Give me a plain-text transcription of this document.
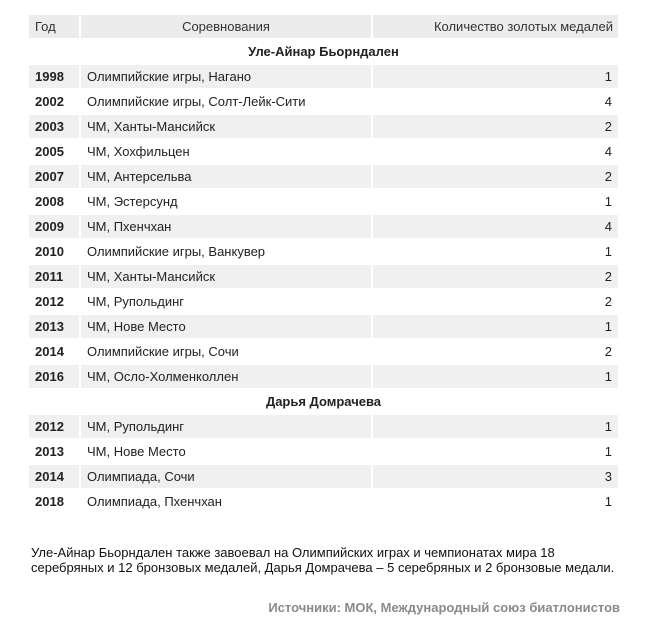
Год	Соревнования	Количество золотых медалей
Уле-Айнар Бьорндален		
1998	Олимпийские игры, Нагано	1
2002	Олимпийские игры, Солт-Лейк-Сити	4
2003	ЧМ, Ханты-Мансийск	2
2005	ЧМ, Хохфильцен	4
2007	ЧМ, Антерсельва	2
2008	ЧМ, Эстерсунд	1
2009	ЧМ, Пхенчхан	4
2010	Олимпийские игры, Ванкувер	1
2011	ЧМ, Ханты-Мансийск	2
2012	ЧМ, Рупольдинг	2
2013	ЧМ, Нове Место	1
2014	Олимпийские игры, Сочи	2
2016	ЧМ, Осло-Холменколлен	1
Дарья Домрачева		
2012	ЧМ, Рупольдинг	1
2013	ЧМ, Нове Место	1
2014	Олимпиада, Сочи	3
2018	Олимпиада, Пхенчхан	1
Уле-Айнар Бьорндален также завоевал на Олимпийских играх и чемпионатах мира 18 серебряных и 12 бронзовых медалей, Дарья Домрачева – 5 серебряных и 2 бронзовые медали.
Источники: МОК, Международный союз биатлонистов
